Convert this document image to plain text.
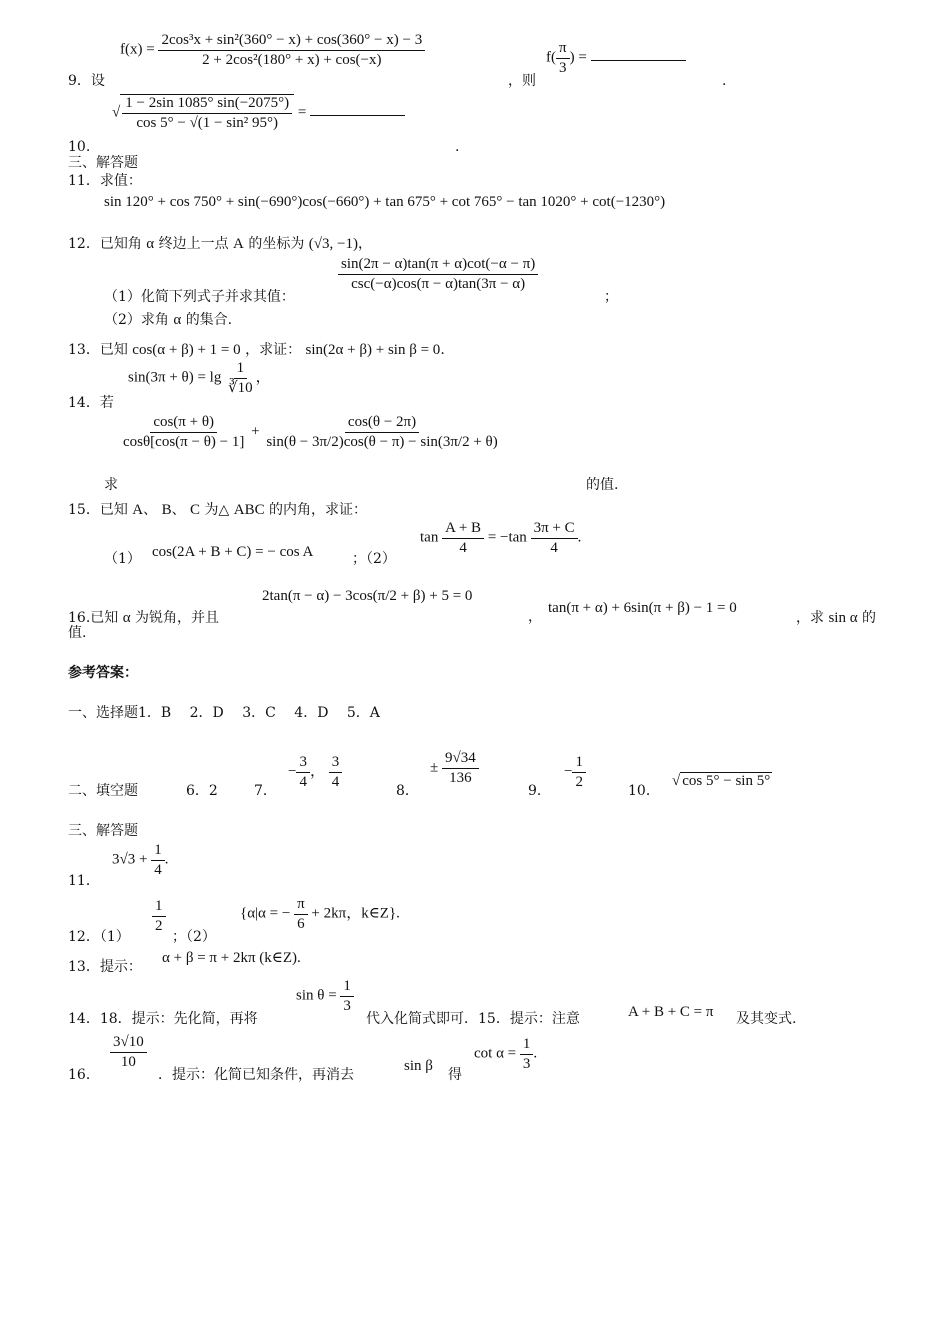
9．设
$f(x) = \frac{\text{2cos³x + sin²(360° − x) + cos(360° − x) − 3}}{\text{2 + 2cos²(180° + x) + cos(−x)}}$
，则
$f( \frac{\pi}{3}$ ) =
.
10.
√ $\frac{1 - 2\sin 1085^\circ \sin(-2075^\circ)}{\text{cos 5° − √(1 − sin² 95°)}}$ =
.
三、解答题
11．求值：
sin 120° + cos 750° + sin(−690°)cos(−660°) + tan 675° + cot 765° − tan 1020° + cot(−1230°)
12．已知角 α 终边上一点 A 的坐标为 (√3, −1)，
（1）化简下列式子并求其值：
$\frac{\sin(2\pi - \alpha)\tan(\pi + \alpha)\cot(-\alpha - \pi)}{\csc(-\alpha)\cos(\pi - \alpha)\tan(3\pi - \alpha)}$
；
（2）求角 α 的集合.
13．已知 cos(α + β) + 1 = 0 ，求证： sin(2α + β) + sin β = 0.
14．若
$\sin(3\pi + \theta) = \lg \frac{1}{∛10}$ ，
$\frac{\cos(\pi + \theta)}{\cos\theta[\cos(\pi - \theta) - 1]} + \frac{\cos(\theta - 2\pi)}{\sin(\theta - 3\pi/2)\cos(\theta - \pi) - \sin(3\pi/2 + \theta)}$
求	的值.
15．已知 A、 B、 C 为△ ABC 的内角，求证：
（1） cos(2A + B + C) = − cos A	；（2）
$\tan \frac{A + B}{4} = -\tan \frac{3\pi + C}{4}$ .
16.已知 α 为锐角，并且
2tan(π − α) − 3cos(π/2 + β) + 5 = 0
，
tan(π + α) + 6sin(π + β) − 1 = 0
，求 sin α 的
值.
参考答案：
一、选择题1．B　 2．D　 3．C　 4．D　 5．A
二、填空题	6．2	7．
− $\frac{3}{4}$ ， $\frac{3}{4}$
8．
± $\frac{9√34}{136}$
9．
− $\frac{1}{2}$
10．
√ cos 5° − sin 5°
三、解答题
11．
$3√3 + \frac{1}{4}$ .
12．（1）
$\frac{1}{2}$
；（2）
{α|α = − $\frac{\pi}{6} + 2k\pi$，k∈Z}.
13．提示：
α + β = π + 2kπ (k∈Z).
14．18．提示：先化简，再将
$\sin \theta = \frac{1}{3}$
代入化简式即可．15．提示：注意	A + B + C = π 及其变式.
16．
$\frac{3√10}{10}$
．提示：化简已知条件，再消去
sin β
得
$\cot \alpha = \frac{1}{3}$ .
